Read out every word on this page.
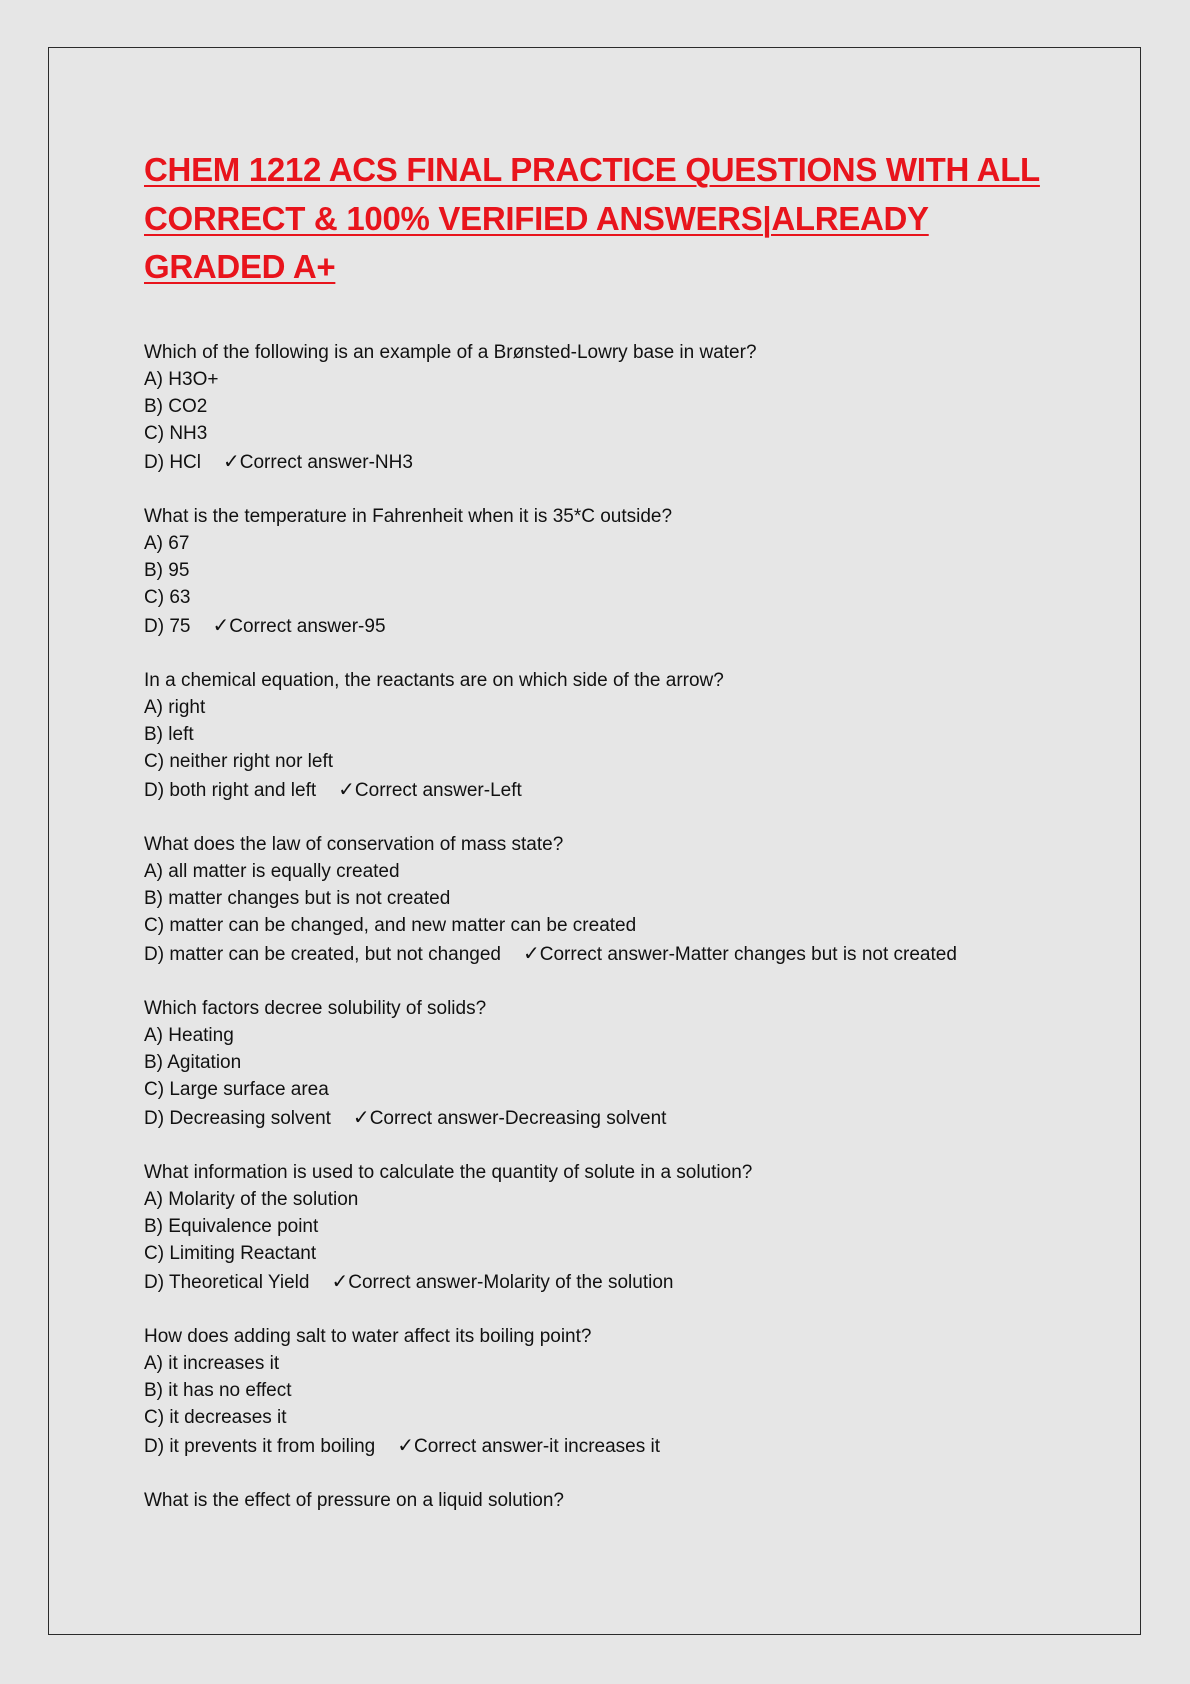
CHEM 1212 ACS FINAL PRACTICE QUESTIONS WITH ALL CORRECT & 100% VERIFIED ANSWERS|ALREADY GRADED A+
Which of the following is an example of a Brønsted-Lowry base in water?
A) H3O+
B) CO2
C) NH3
D) HCl ✓Correct answer-NH3
What is the temperature in Fahrenheit when it is 35*C outside?
A) 67
B) 95
C) 63
D) 75 ✓Correct answer-95
In a chemical equation, the reactants are on which side of the arrow?
A) right
B) left
C) neither right nor left
D) both right and left ✓Correct answer-Left
What does the law of conservation of mass state?
A) all matter is equally created
B) matter changes but is not created
C) matter can be changed, and new matter can be created
D) matter can be created, but not changed ✓Correct answer-Matter changes but is not created
Which factors decree solubility of solids?
A) Heating
B) Agitation
C) Large surface area
D) Decreasing solvent ✓Correct answer-Decreasing solvent
What information is used to calculate the quantity of solute in a solution?
A) Molarity of the solution
B) Equivalence point
C) Limiting Reactant
D) Theoretical Yield ✓Correct answer-Molarity of the solution
How does adding salt to water affect its boiling point?
A) it increases it
B) it has no effect
C) it decreases it
D) it prevents it from boiling ✓Correct answer-it increases it
What is the effect of pressure on a liquid solution?
